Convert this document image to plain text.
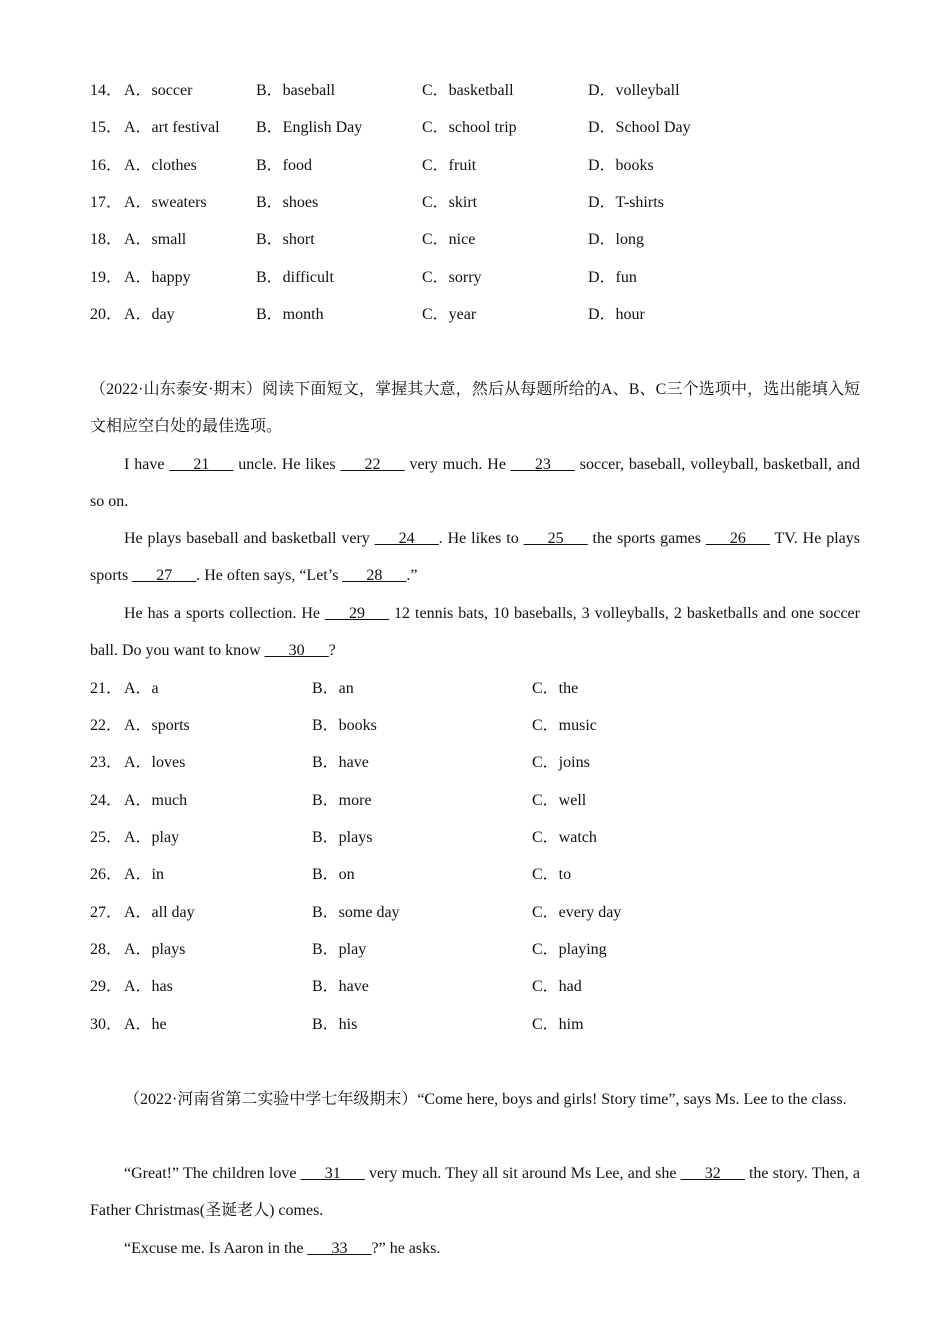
14． A．soccer	B．baseball	C．basketball	D．volleyball
15． A．art festival B．English Day	C．school trip	D．School Day
16． A．clothes	B．food	C．fruit	D．books
17． A．sweaters	B．shoes	C．skirt	D．T-shirts
18． A．small	B．short	C．nice	D．long
19． A．happy	B．difficult	C．sorry	D．fun
20． A．day	B．month	C．year	D．hour
（2022·山东泰安·期末）阅读下面短文，掌握其大意，然后从每题所给的A、B、C三个选项中，选出能填入短文相应空白处的最佳选项。
I have ___21___ uncle. He likes ___22___ very much. He ___23___ soccer, baseball, volleyball, basketball, and so on.
He plays baseball and basketball very ___24___. He likes to ___25___ the sports games ___26___ TV. He plays sports ___27___. He often says, “Let’s ___28___.”
He has a sports collection. He ___29___ 12 tennis bats, 10 baseballs, 3 volleyballs, 2 basketballs and one soccer ball. Do you want to know ___30___?
21． A．a	B．an	C．the
22． A．sports	B．books	C．music
23． A．loves	B．have	C．joins
24． A．much	B．more	C．well
25． A．play	B．plays	C．watch
26． A．in	B．on	C．to
27． A．all day	B．some day	C．every day
28． A．plays	B．play	C．playing
29． A．has	B．have	C．had
30． A．he	B．his	C．him
（2022·河南省第二实验中学七年级期末）“Come here, boys and girls! Story time”, says Ms. Lee to the class.
“Great!” The children love ___31___ very much. They all sit around Ms Lee, and she ___32___ the story. Then, a Father Christmas(圣诞老人) comes.
“Excuse me. Is Aaron in the ___33___?” he asks.
